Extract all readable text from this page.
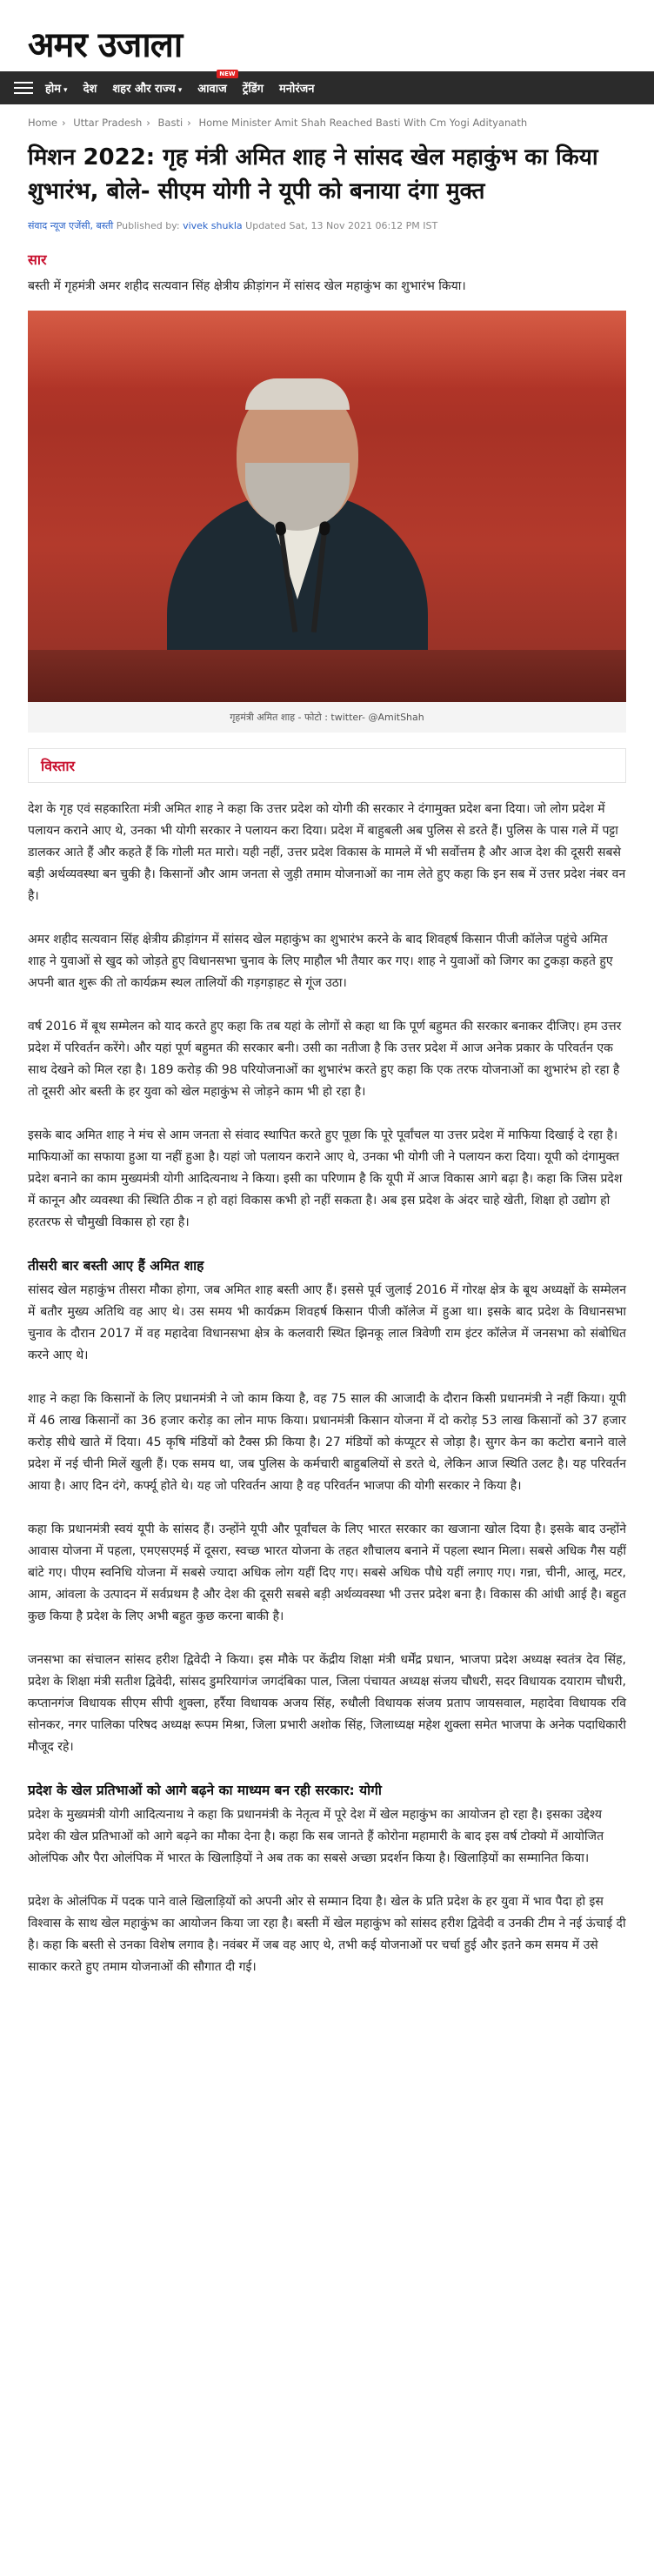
अमर उजाला
होम ▾ देश शहर और राज्य ▾
NEW
आवाज ट्रेंडिंग मनोरंजन
Home › Uttar Pradesh › Basti › Home Minister Amit Shah Reached Basti With Cm Yogi Adityanath
मिशन 2022: गृह मंत्री अमित शाह ने सांसद खेल महाकुंभ का किया शुभारंभ, बोले- सीएम योगी ने यूपी को बनाया दंगा मुक्त
संवाद न्यूज एजेंसी, बस्ती Published by: vivek shukla Updated Sat, 13 Nov 2021 06:12 PM IST
सार

बस्ती में गृहमंत्री अमर शहीद सत्यवान सिंह क्षेत्रीय क्रीड़ांगन में सांसद खेल महाकुंभ का शुभारंभ किया।

गृहमंत्री अमित शाह - फोटो : twitter- @AmitShah
विस्तार

देश के गृह एवं सहकारिता मंत्री अमित शाह ने कहा कि उत्तर प्रदेश को योगी की सरकार ने दंगामुक्त प्रदेश बना दिया। जो लोग प्रदेश में पलायन कराने आए थे, उनका भी योगी सरकार ने पलायन करा दिया। प्रदेश में बाहुबली अब पुलिस से डरते हैं। पुलिस के पास गले में पट्टा डालकर आते हैं और कहते हैं कि गोली मत मारो। यही नहीं, उत्तर प्रदेश विकास के मामले में भी सर्वोत्तम है और आज देश की दूसरी सबसे बड़ी अर्थव्यवस्था बन चुकी है। किसानों और आम जनता से जुड़ी तमाम योजनाओं का नाम लेते हुए कहा कि इन सब में उत्तर प्रदेश नंबर वन है।

अमर शहीद सत्यवान सिंह क्षेत्रीय क्रीड़ांगन में सांसद खेल महाकुंभ का शुभारंभ करने के बाद शिवहर्ष किसान पीजी कॉलेज पहुंचे अमित शाह ने युवाओं से खुद को जोड़ते हुए विधानसभा चुनाव के लिए माहौल भी तैयार कर गए। शाह ने युवाओं को जिगर का टुकड़ा कहते हुए अपनी बात शुरू की तो कार्यक्रम स्थल तालियों की गड़गड़ाहट से गूंज उठा।

वर्ष 2016 में बूथ सम्मेलन को याद करते हुए कहा कि तब यहां के लोगों से कहा था कि पूर्ण बहुमत की सरकार बनाकर दीजिए। हम उत्तर प्रदेश में परिवर्तन करेंगे। और यहां पूर्ण बहुमत की सरकार बनी। उसी का नतीजा है कि उत्तर प्रदेश में आज अनेक प्रकार के परिवर्तन एक साथ देखने को मिल रहा है। 189 करोड़ की 98 परियोजनाओं का शुभारंभ करते हुए कहा कि एक तरफ योजनाओं का शुभारंभ हो रहा है तो दूसरी ओर बस्ती के हर युवा को खेल महाकुंभ से जोड़ने काम भी हो रहा है।

इसके बाद अमित शाह ने मंच से आम जनता से संवाद स्थापित करते हुए पूछा कि पूरे पूर्वांचल या उत्तर प्रदेश में माफिया दिखाई दे रहा है। माफियाओं का सफाया हुआ या नहीं हुआ है। यहां जो पलायन कराने आए थे, उनका भी योगी जी ने पलायन करा दिया। यूपी को दंगामुक्त प्रदेश बनाने का काम मुख्यमंत्री योगी आदित्यनाथ ने किया। इसी का परिणाम है कि यूपी में आज विकास आगे बढ़ा है। कहा कि जिस प्रदेश में कानून और व्यवस्था की स्थिति ठीक न हो वहां विकास कभी हो नहीं सकता है। अब इस प्रदेश के अंदर चाहे खेती, शिक्षा हो उद्योग हो हरतरफ से चौमुखी विकास हो रहा है।

तीसरी बार बस्ती आए हैं अमित शाह

सांसद खेल महाकुंभ तीसरा मौका होगा, जब अमित शाह बस्ती आए हैं। इससे पूर्व जुलाई 2016 में गोरक्ष क्षेत्र के बूथ अध्यक्षों के सम्मेलन में बतौर मुख्य अतिथि वह आए थे। उस समय भी कार्यक्रम शिवहर्ष किसान पीजी कॉलेज में हुआ था। इसके बाद प्रदेश के विधानसभा चुनाव के दौरान 2017 में वह महादेवा विधानसभा क्षेत्र के कलवारी स्थित झिनकू लाल त्रिवेणी राम इंटर कॉलेज में जनसभा को संबोधित करने आए थे।

शाह ने कहा कि किसानों के लिए प्रधानमंत्री ने जो काम किया है, वह 75 साल की आजादी के दौरान किसी प्रधानमंत्री ने नहीं किया। यूपी में 46 लाख किसानों का 36 हजार करोड़ का लोन माफ किया। प्रधानमंत्री किसान योजना में दो करोड़ 53 लाख किसानों को 37 हजार करोड़ सीधे खाते में दिया। 45 कृषि मंडियों को टैक्स फ्री किया है। 27 मंडियों को कंप्यूटर से जोड़ा है। सुगर केन का कटोरा बनाने वाले प्रदेश में नई चीनी मिलें खुली हैं। एक समय था, जब पुलिस के कर्मचारी बाहुबलियों से डरते थे, लेकिन आज स्थिति उलट है। यह परिवर्तन आया है। आए दिन दंगे, कर्फ्यू होते थे। यह जो परिवर्तन आया है वह परिवर्तन भाजपा की योगी सरकार ने किया है।

कहा कि प्रधानमंत्री स्वयं यूपी के सांसद हैं। उन्होंने यूपी और पूर्वांचल के लिए भारत सरकार का खजाना खोल दिया है। इसके बाद उन्होंने आवास योजना में पहला, एमएसएमई में दूसरा, स्वच्छ भारत योजना के तहत शौचालय बनाने में पहला स्थान मिला। सबसे अधिक गैस यहीं बांटे गए। पीएम स्वनिधि योजना में सबसे ज्यादा अधिक लोग यहीं दिए गए। सबसे अधिक पौधे यहीं लगाए गए। गन्ना, चीनी, आलू, मटर, आम, आंवला के उत्पादन में सर्वप्रथम है और देश की दूसरी सबसे बड़ी अर्थव्यवस्था भी उत्तर प्रदेश बना है। विकास की आंधी आई है। बहुत कुछ किया है प्रदेश के लिए अभी बहुत कुछ करना बाकी है।

जनसभा का संचालन सांसद हरीश द्विवेदी ने किया। इस मौके पर केंद्रीय शिक्षा मंत्री धर्मेंद्र प्रधान, भाजपा प्रदेश अध्यक्ष स्वतंत्र देव सिंह, प्रदेश के शिक्षा मंत्री सतीश द्विवेदी, सांसद डुमरियागंज जगदंबिका पाल, जिला पंचायत अध्यक्ष संजय चौधरी, सदर विधायक दयाराम चौधरी, कप्तानगंज विधायक सीएम सीपी शुक्ला, हर्रैया विधायक अजय सिंह, रुधौली विधायक संजय प्रताप जायसवाल, महादेवा विधायक रवि सोनकर, नगर पालिका परिषद अध्यक्ष रूपम मिश्रा, जिला प्रभारी अशोक सिंह, जिलाध्यक्ष महेश शुक्ला समेत भाजपा के अनेक पदाधिकारी मौजूद रहे।

प्रदेश के खेल प्रतिभाओं को आगे बढ़ने का माध्यम बन रही सरकार: योगी

प्रदेश के मुख्यमंत्री योगी आदित्यनाथ ने कहा कि प्रधानमंत्री के नेतृत्व में पूरे देश में खेल महाकुंभ का आयोजन हो रहा है। इसका उद्देश्य प्रदेश की खेल प्रतिभाओं को आगे बढ़ने का मौका देना है। कहा कि सब जानते हैं कोरोना महामारी के बाद इस वर्ष टोक्यो में आयोजित ओलंपिक और पैरा ओलंपिक में भारत के खिलाड़ियों ने अब तक का सबसे अच्छा प्रदर्शन किया है। खिलाड़ियों का सम्मानित किया।

प्रदेश के ओलंपिक में पदक पाने वाले खिलाड़ियों को अपनी ओर से सम्मान दिया है। खेल के प्रति प्रदेश के हर युवा में भाव पैदा हो इस विश्वास के साथ खेल महाकुंभ का आयोजन किया जा रहा है। बस्ती में खेल महाकुंभ को सांसद हरीश द्विवेदी व उनकी टीम ने नई ऊंचाई दी है। कहा कि बस्ती से उनका विशेष लगाव है। नवंबर में जब वह आए थे, तभी कई योजनाओं पर चर्चा हुई और इतने कम समय में उसे साकार करते हुए तमाम योजनाओं की सौगात दी गई।
